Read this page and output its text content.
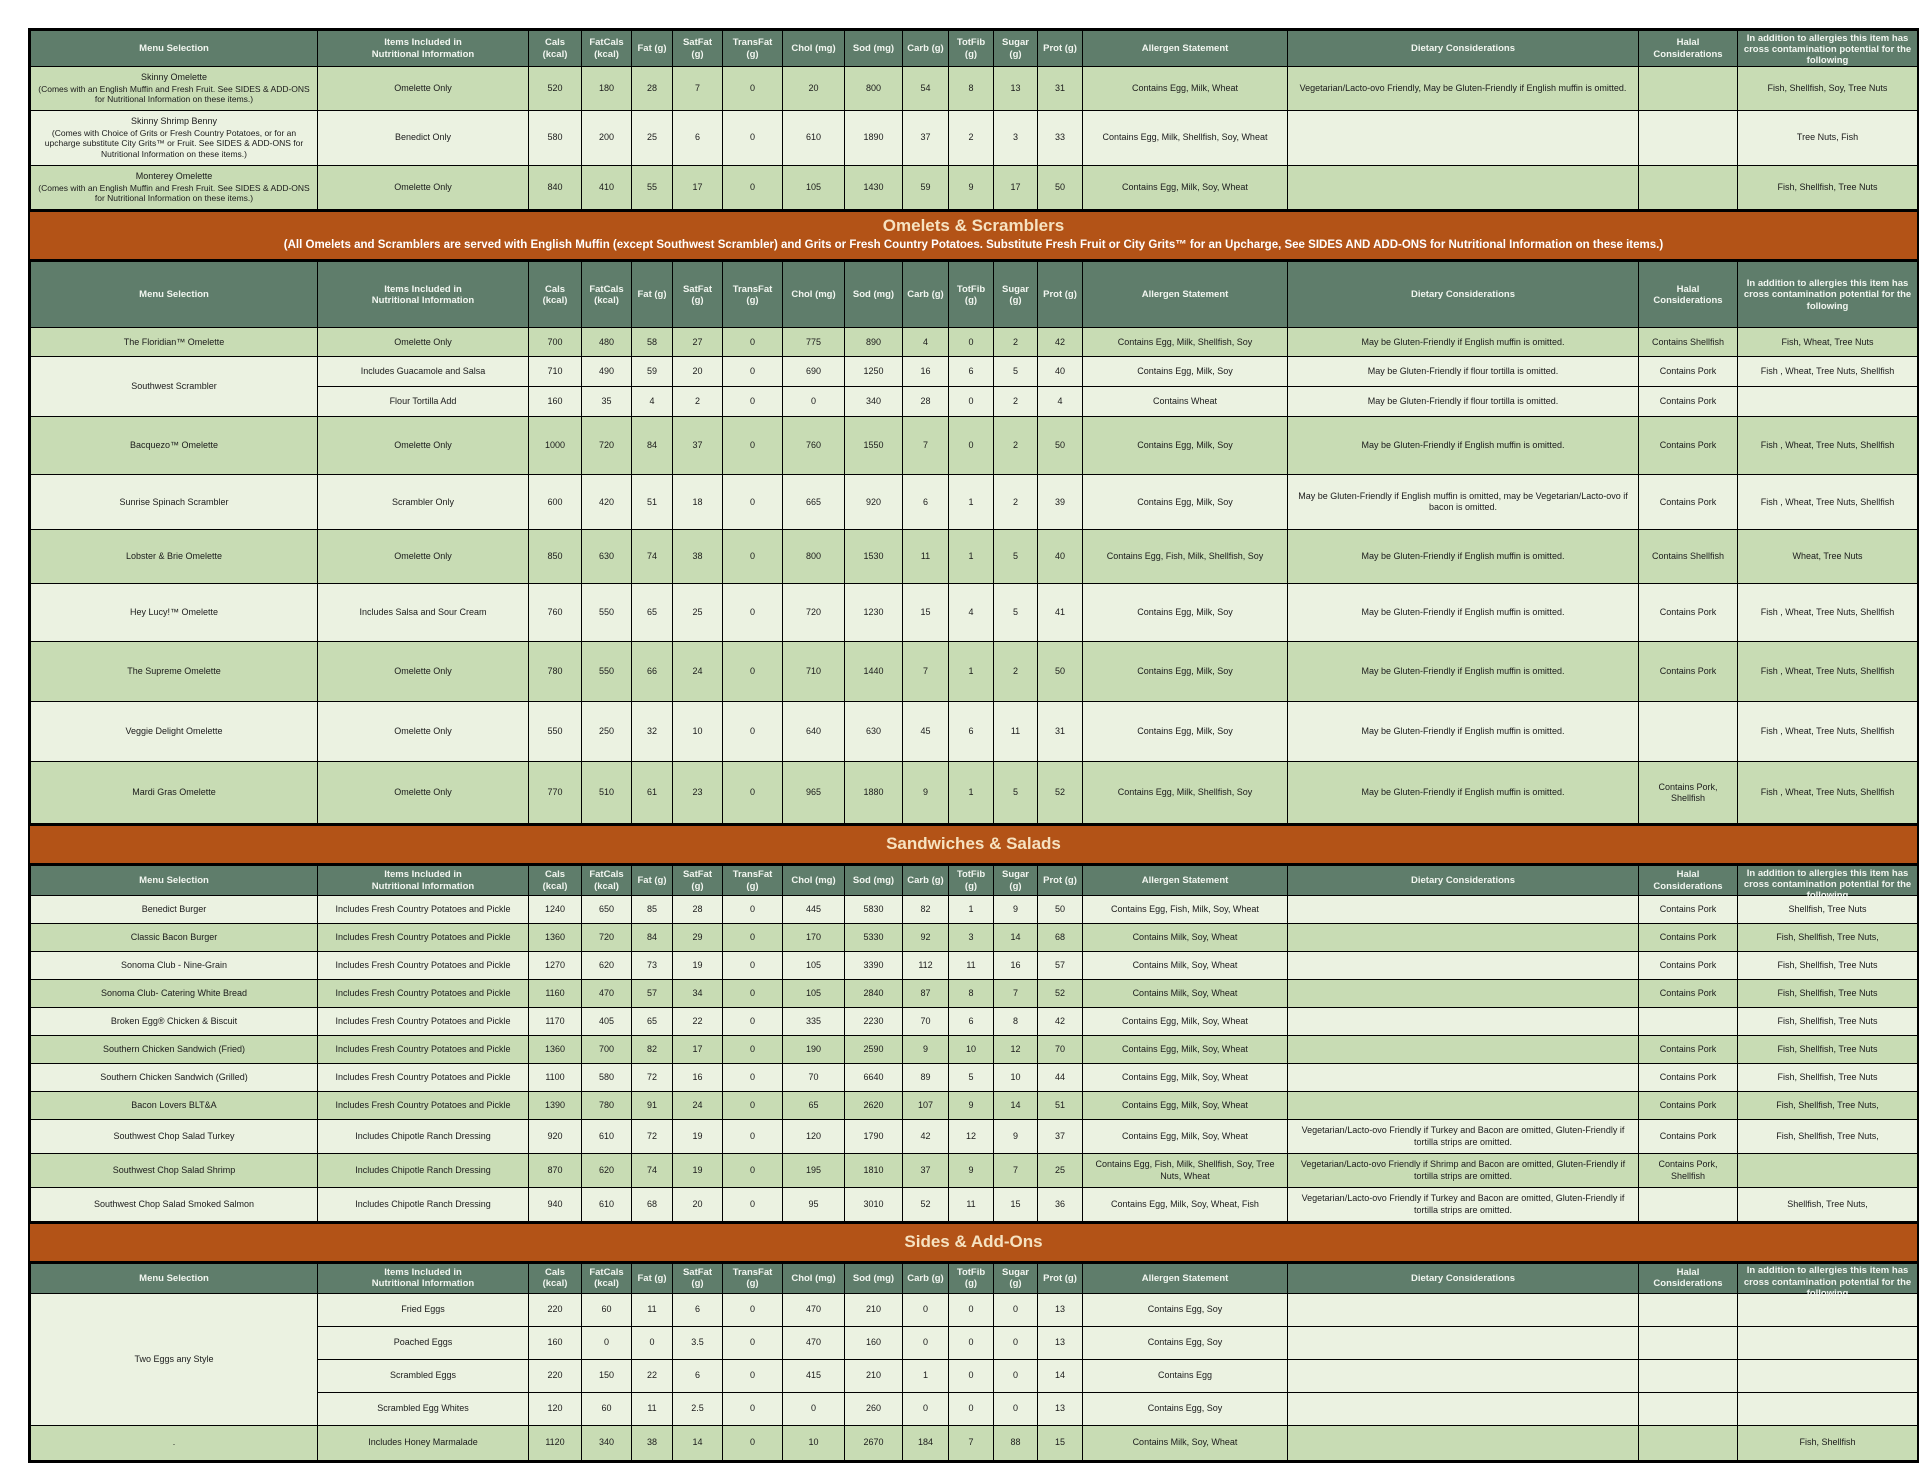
Menu Selection	Items Included in
Nutritional Information	Cals (kcal)	FatCals
(kcal)	Fat (g)	SatFat (g)	TransFat (g)	Chol (mg)	Sod (mg)	Carb (g)	TotFib
(g)	Sugar (g)	Prot (g)	Allergen Statement	Dietary Considerations	Halal
Considerations	In addition to allergies this item has cross contamination potential for the following

Skinny Omelette
(Comes with an English Muffin and Fresh Fruit. See SIDES & ADD-ONS for Nutritional Information on these items.)	Omelette Only	520	180	28	7	0	20	800	54	8	13	31	Contains Egg, Milk, Wheat	Vegetarian/Lacto-ovo Friendly, May be Gluten-Friendly if English muffin is omitted.		Fish, Shellfish, Soy, Tree Nuts

Skinny Shrimp Benny
(Comes with Choice of Grits or Fresh Country Potatoes, or for an upcharge substitute City Grits™ or Fruit. See SIDES & ADD-ONS for Nutritional Information on these items.)	Benedict Only	580	200	25	6	0	610	1890	37	2	3	33	Contains Egg, Milk, Shellfish, Soy, Wheat			Tree Nuts, Fish

Monterey Omelette
(Comes with an English Muffin and Fresh Fruit. See SIDES & ADD-ONS for Nutritional Information on these items.)	Omelette Only	840	410	55	17	0	105	1430	59	9	17	50	Contains Egg, Milk, Soy, Wheat			Fish, Shellfish, Tree Nuts
Omelets & Scramblers
(All Omelets and Scramblers are served with English Muffin (except Southwest Scrambler) and Grits or Fresh Country Potatoes. Substitute Fresh Fruit or City Grits™ for an Upcharge, See SIDES AND ADD-ONS for Nutritional Information on these items.)
Menu Selection	Items Included in
Nutritional Information	Cals (kcal)	FatCals
(kcal)	Fat (g)	SatFat (g)	TransFat (g)	Chol (mg)	Sod (mg)	Carb (g)	TotFib
(g)	Sugar (g)	Prot (g)	Allergen Statement	Dietary Considerations	Halal
Considerations	In addition to allergies this item has cross contamination potential for the following

The Floridian™ Omelette	Omelette Only	700	480	58	27	0	775	890	4	0	2	42	Contains Egg, Milk, Shellfish, Soy	May be Gluten-Friendly if English muffin is omitted.	Contains Shellfish	Fish, Wheat, Tree Nuts

Southwest Scrambler	Includes Guacamole and Salsa	710	490	59	20	0	690	1250	16	6	5	40	Contains Egg, Milk, Soy	May be Gluten-Friendly if flour tortilla is omitted.	Contains Pork	Fish , Wheat, Tree Nuts, Shellfish
	Flour Tortilla Add	160	35	4	2	0	0	340	28	0	2	4	Contains Wheat	May be Gluten-Friendly if flour tortilla is omitted.	Contains Pork	

Bacquezo™ Omelette	Omelette Only	1000	720	84	37	0	760	1550	7	0	2	50	Contains Egg, Milk, Soy	May be Gluten-Friendly if English muffin is omitted.	Contains Pork	Fish , Wheat, Tree Nuts, Shellfish

Sunrise Spinach Scrambler	Scrambler Only	600	420	51	18	0	665	920	6	1	2	39	Contains Egg, Milk, Soy	May be Gluten-Friendly if English muffin is omitted, may be Vegetarian/Lacto-ovo if bacon is omitted.	Contains Pork	Fish , Wheat, Tree Nuts, Shellfish

Lobster & Brie Omelette	Omelette Only	850	630	74	38	0	800	1530	11	1	5	40	Contains Egg, Fish, Milk, Shellfish, Soy	May be Gluten-Friendly if English muffin is omitted.	Contains Shellfish	Wheat, Tree Nuts

Hey Lucy!™ Omelette	Includes Salsa and Sour Cream	760	550	65	25	0	720	1230	15	4	5	41	Contains Egg, Milk, Soy	May be Gluten-Friendly if English muffin is omitted.	Contains Pork	Fish , Wheat, Tree Nuts, Shellfish

The Supreme Omelette	Omelette Only	780	550	66	24	0	710	1440	7	1	2	50	Contains Egg, Milk, Soy	May be Gluten-Friendly if English muffin is omitted.	Contains Pork	Fish , Wheat, Tree Nuts, Shellfish

Veggie Delight Omelette	Omelette Only	550	250	32	10	0	640	630	45	6	11	31	Contains Egg, Milk, Soy	May be Gluten-Friendly if English muffin is omitted.		Fish , Wheat, Tree Nuts, Shellfish

Mardi Gras Omelette	Omelette Only	770	510	61	23	0	965	1880	9	1	5	52	Contains Egg, Milk, Shellfish, Soy	May be Gluten-Friendly if English muffin is omitted.	Contains Pork, Shellfish	Fish , Wheat, Tree Nuts, Shellfish
Sandwiches & Salads
Menu Selection	Items Included in
Nutritional Information	Cals (kcal)	FatCals
(kcal)	Fat (g)	SatFat (g)	TransFat (g)	Chol (mg)	Sod (mg)	Carb (g)	TotFib
(g)	Sugar (g)	Prot (g)	Allergen Statement	Dietary Considerations	Halal
Considerations	In addition to allergies this item has cross contamination potential for the following

Benedict Burger	Includes Fresh Country Potatoes and Pickle	1240	650	85	28	0	445	5830	82	1	9	50	Contains Egg, Fish, Milk, Soy, Wheat		Contains Pork	Shellfish, Tree Nuts

Classic Bacon Burger	Includes Fresh Country Potatoes and Pickle	1360	720	84	29	0	170	5330	92	3	14	68	Contains Milk, Soy, Wheat		Contains Pork	Fish, Shellfish, Tree Nuts,

Sonoma Club - Nine-Grain	Includes Fresh Country Potatoes and Pickle	1270	620	73	19	0	105	3390	112	11	16	57	Contains Milk, Soy, Wheat		Contains Pork	Fish, Shellfish, Tree Nuts

Sonoma Club- Catering White Bread	Includes Fresh Country Potatoes and Pickle	1160	470	57	34	0	105	2840	87	8	7	52	Contains Milk, Soy, Wheat		Contains Pork	Fish, Shellfish, Tree Nuts

Broken Egg® Chicken & Biscuit	Includes Fresh Country Potatoes and Pickle	1170	405	65	22	0	335	2230	70	6	8	42	Contains Egg, Milk, Soy, Wheat			Fish, Shellfish, Tree Nuts

Southern Chicken Sandwich (Fried)	Includes Fresh Country Potatoes and Pickle	1360	700	82	17	0	190	2590	9	10	12	70	Contains Egg, Milk, Soy, Wheat		Contains Pork	Fish, Shellfish, Tree Nuts

Southern Chicken Sandwich (Grilled)	Includes Fresh Country Potatoes and Pickle	1100	580	72	16	0	70	6640	89	5	10	44	Contains Egg, Milk, Soy, Wheat		Contains Pork	Fish, Shellfish, Tree Nuts

Bacon Lovers BLT&A	Includes Fresh Country Potatoes and Pickle	1390	780	91	24	0	65	2620	107	9	14	51	Contains Egg, Milk, Soy, Wheat		Contains Pork	Fish, Shellfish, Tree Nuts,

Southwest Chop Salad Turkey	Includes Chipotle Ranch Dressing	920	610	72	19	0	120	1790	42	12	9	37	Contains Egg, Milk, Soy, Wheat	Vegetarian/Lacto-ovo Friendly if Turkey and Bacon are omitted, Gluten-Friendly if tortilla strips are omitted.	Contains Pork	Fish, Shellfish, Tree Nuts,

Southwest Chop Salad Shrimp	Includes Chipotle Ranch Dressing	870	620	74	19	0	195	1810	37	9	7	25	Contains Egg, Fish, Milk, Shellfish, Soy, Tree Nuts, Wheat	Vegetarian/Lacto-ovo Friendly if Shrimp and Bacon are omitted, Gluten-Friendly if tortilla strips are omitted.	Contains Pork, Shellfish	

Southwest Chop Salad Smoked Salmon	Includes Chipotle Ranch Dressing	940	610	68	20	0	95	3010	52	11	15	36	Contains Egg, Milk, Soy, Wheat, Fish	Vegetarian/Lacto-ovo Friendly if Turkey and Bacon are omitted, Gluten-Friendly if tortilla strips are omitted.		Shellfish, Tree Nuts,
Sides & Add-Ons
Menu Selection	Items Included in
Nutritional Information	Cals (kcal)	FatCals
(kcal)	Fat (g)	SatFat (g)	TransFat (g)	Chol (mg)	Sod (mg)	Carb (g)	TotFib
(g)	Sugar (g)	Prot (g)	Allergen Statement	Dietary Considerations	Halal
Considerations	In addition to allergies this item has cross contamination potential for the following

Two Eggs any Style	Fried Eggs	220	60	11	6	0	470	210	0	0	0	13	Contains Egg, Soy			
	Poached Eggs	160	0	0	3.5	0	470	160	0	0	0	13	Contains Egg, Soy			
	Scrambled Eggs	220	150	22	6	0	415	210	1	0	0	14	Contains Egg			
	Scrambled Egg Whites	120	60	11	2.5	0	0	260	0	0	0	13	Contains Egg, Soy			

.	Includes Honey Marmalade	1120	340	38	14	0	10	2670	184	7	88	15	Contains Milk, Soy, Wheat			Fish, Shellfish
